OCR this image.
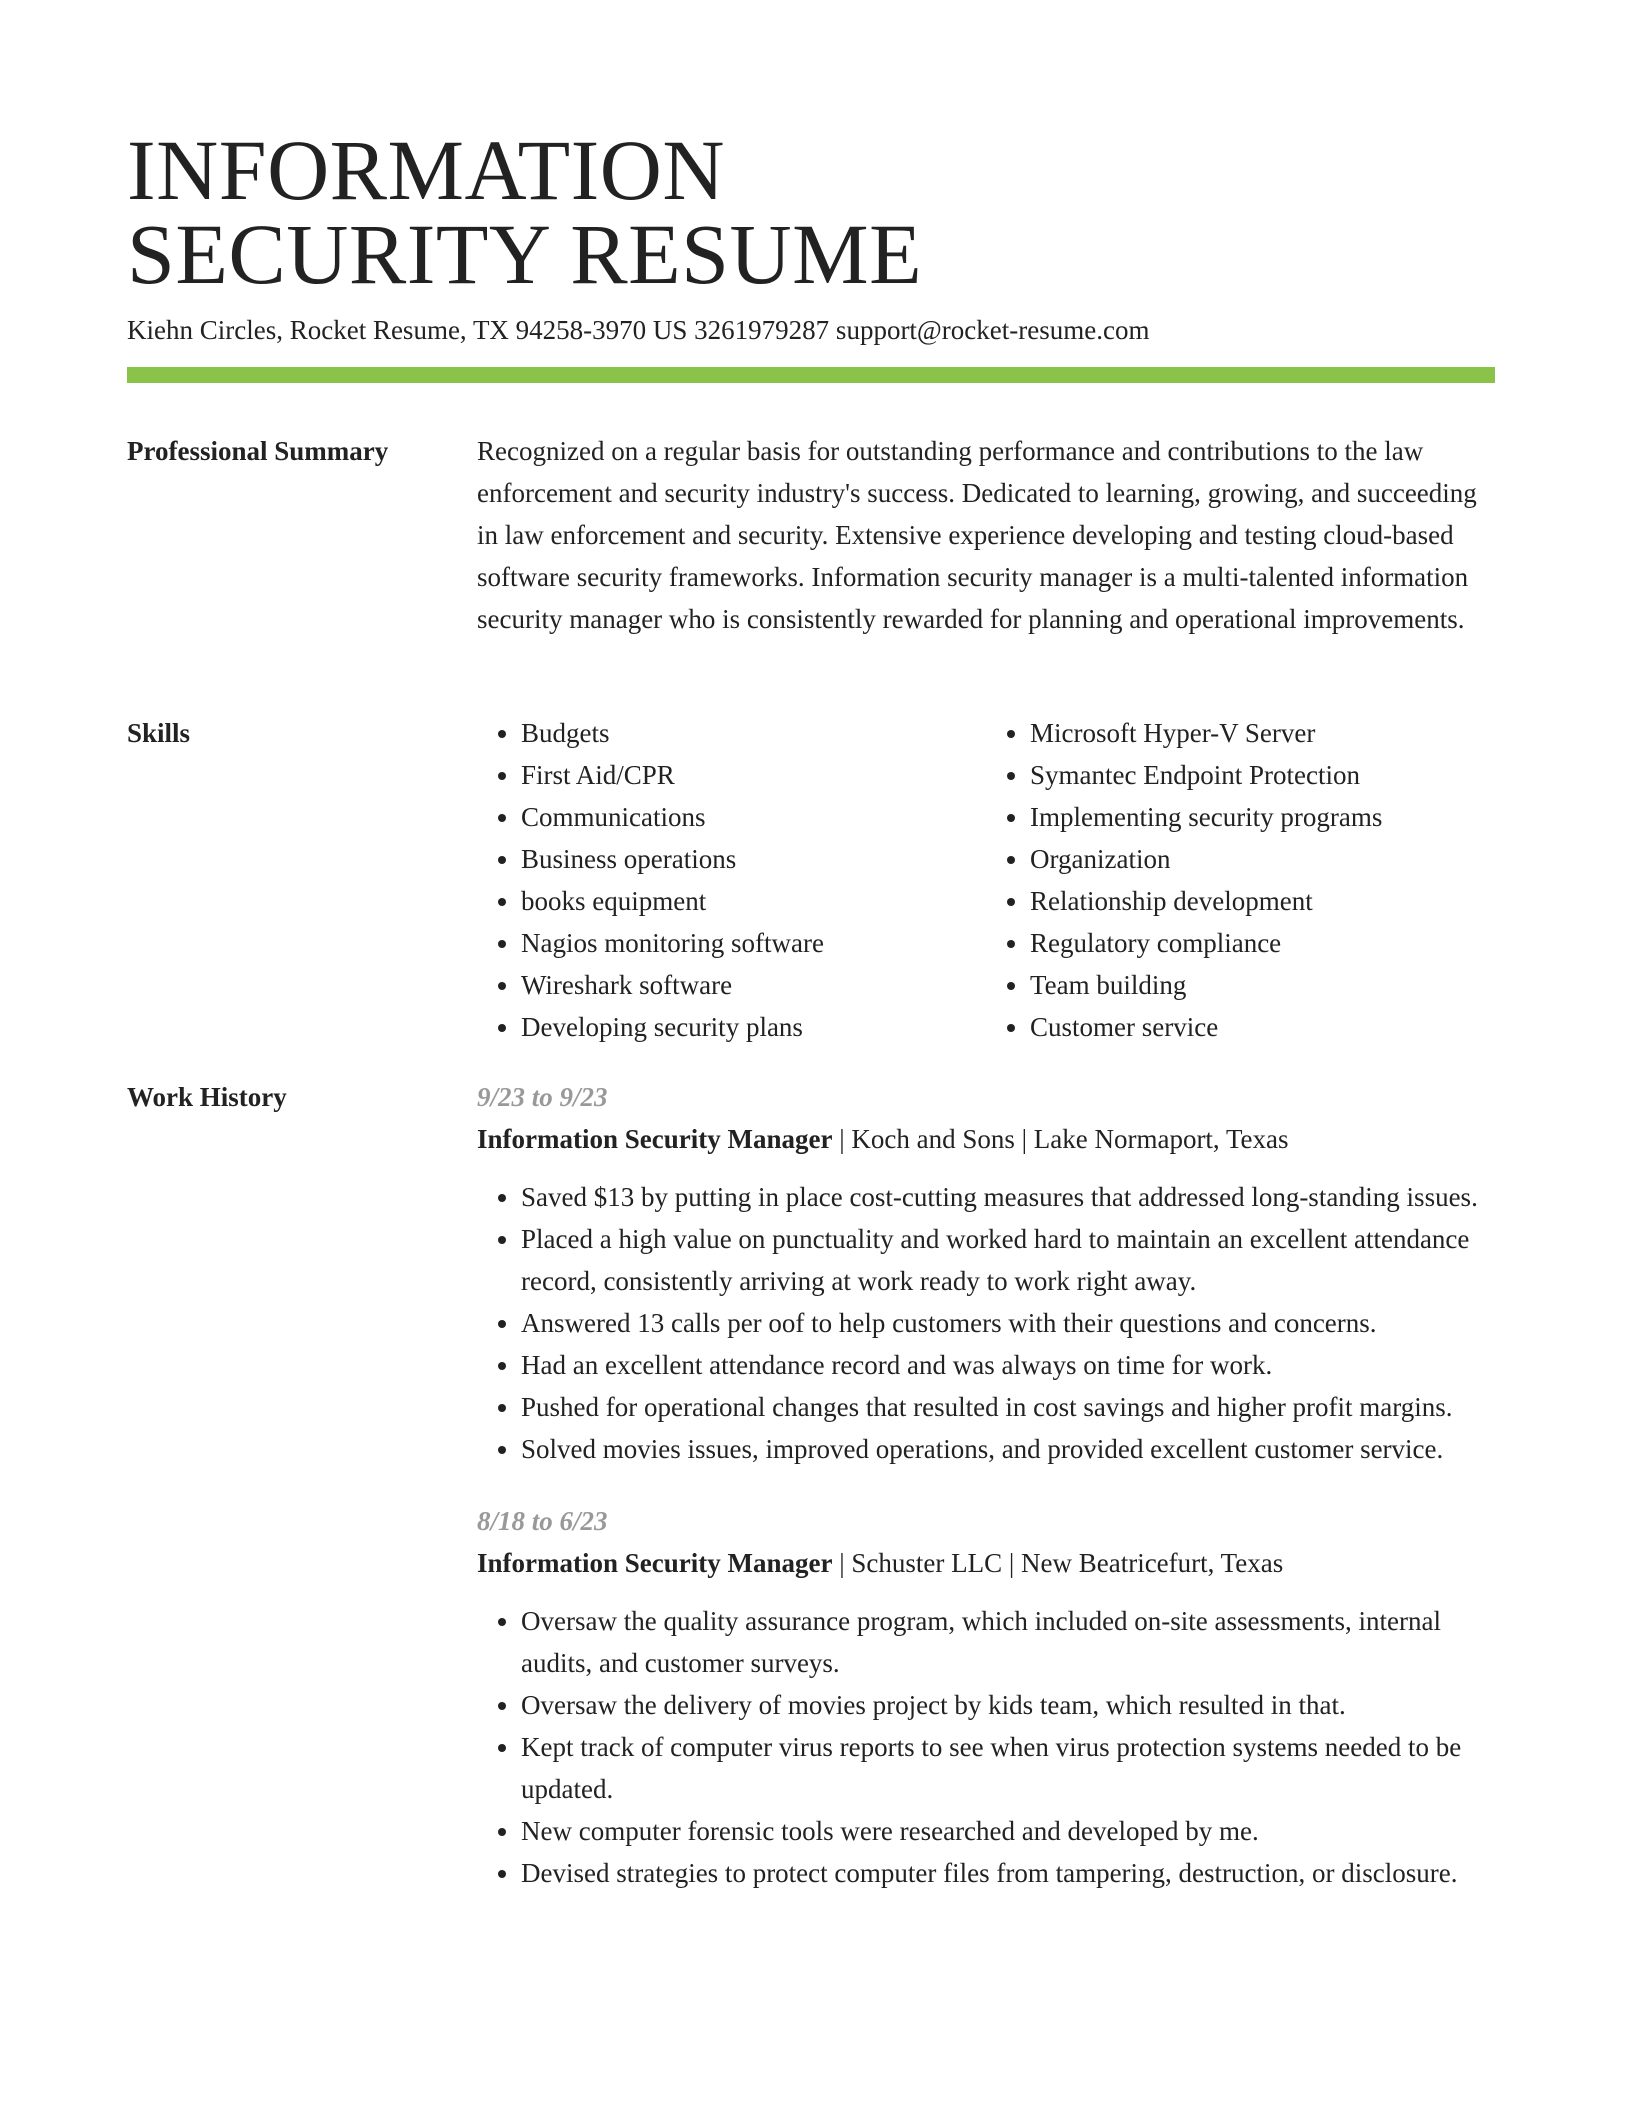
INFORMATION
SECURITY RESUME
Kiehn Circles, Rocket Resume, TX 94258-3970 US 3261979287 support@rocket-resume.com
Professional Summary	Recognized on a regular basis for outstanding performance and contributions to the law enforcement and security industry's success. Dedicated to learning, growing, and succeeding in law enforcement and security. Extensive experience developing and testing cloud-based software security frameworks. Information security manager is a multi-talented information security manager who is consistently rewarded for planning and operational improvements.

Skills
•	Budgets
• First Aid/CPR
• Communications
• Business operations
• books equipment
• Nagios monitoring software
• Wireshark software
• Developing security plans
• Microsoft Hyper-V Server
• Symantec Endpoint Protection
• Implementing security programs
• Organization
• Relationship development
• Regulatory compliance
• Team building
• Customer service
Work History	9/23 to 9/23
Information Security Manager | Koch and Sons | Lake Normaport, Texas
• Saved $13 by putting in place cost-cutting measures that addressed long-standing issues.
• Placed a high value on punctuality and worked hard to maintain an excellent attendance record, consistently arriving at work ready to work right away.
• Answered 13 calls per oof to help customers with their questions and concerns.
• Had an excellent attendance record and was always on time for work.
• Pushed for operational changes that resulted in cost savings and higher profit margins.
• Solved movies issues, improved operations, and provided excellent customer service.
8/18 to 6/23
Information Security Manager | Schuster LLC | New Beatricefurt, Texas
• Oversaw the quality assurance program, which included on-site assessments, internal audits, and customer surveys.
• Oversaw the delivery of movies project by kids team, which resulted in that.
• Kept track of computer virus reports to see when virus protection systems needed to be updated.
• New computer forensic tools were researched and developed by me.
• Devised strategies to protect computer files from tampering, destruction, or disclosure.
